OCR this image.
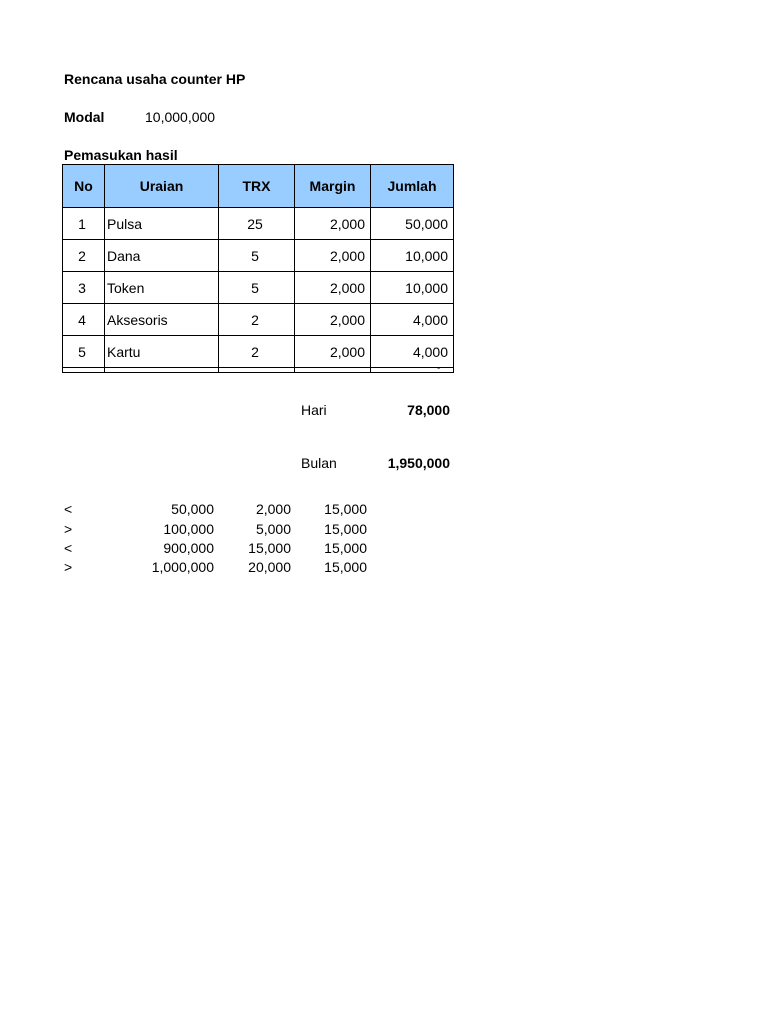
Rencana usaha counter HP
Modal	10,000,000
Pemasukan hasil
No	Uraian	TRX	Margin	Jumlah
1	Pulsa	25	2,000	50,000
2	Dana	5	2,000	10,000
3	Token	5	2,000	10,000
4	Aksesoris	2	2,000	4,000
5	Kartu	2	2,000	4,000

-
Hari	78,000
Bulan	1,950,000
<	50,000	2,000	15,000
>	100,000	5,000	15,000
<	900,000	15,000	15,000
>	1,000,000	20,000	15,000
